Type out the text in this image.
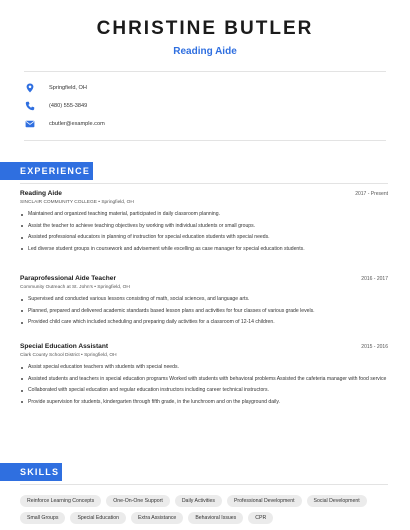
CHRISTINE BUTLER
Reading Aide
Springfield, OH
(480) 555-3849
cbutler@example.com
EXPERIENCE
Reading Aide	2017 - Present
SINCLAIR COMMUNITY COLLEGE • Springfield, OH
Maintained and organized teaching material, participated in daily classroom planning.
Assist the teacher to achieve teaching objectives by working with individual students or small groups.
Assisted professional educators in planning of instruction for special education students with special needs.
Led diverse student groups in coursework and advisement while excelling as case manager for special education students.
Paraprofessional Aide Teacher	2016 - 2017
Community Outreach at St. John's • Springfield, OH
Supervised and conducted various lessons consisting of math, social sciences, and language arts.
Planned, prepared and delivered academic standards based lesson plans and activities for four classes of various grade levels.
Provided child care which included scheduling and preparing daily activities for a classroom of 12-14 children.
Special Education Assistant	2015 - 2016
Clark County School District • Springfield, OH
Assist special education teachers with students with special needs.
Assisted students and teachers in special education programs Worked with students with behavioral problems Assisted the cafeteria manager with food service
Collaborated with special education and regular education instructors including career technical instructors.
Provide supervision for students, kindergarten through fifth grade, in the lunchroom and on the playground daily.
SKILLS
Reinforce Learning Concepts	One-On-One Support	Daily Activities	Professional Development	Social Development
Small Groups	Special Education	Extra Assistance	Behavioral Issues	CPR
